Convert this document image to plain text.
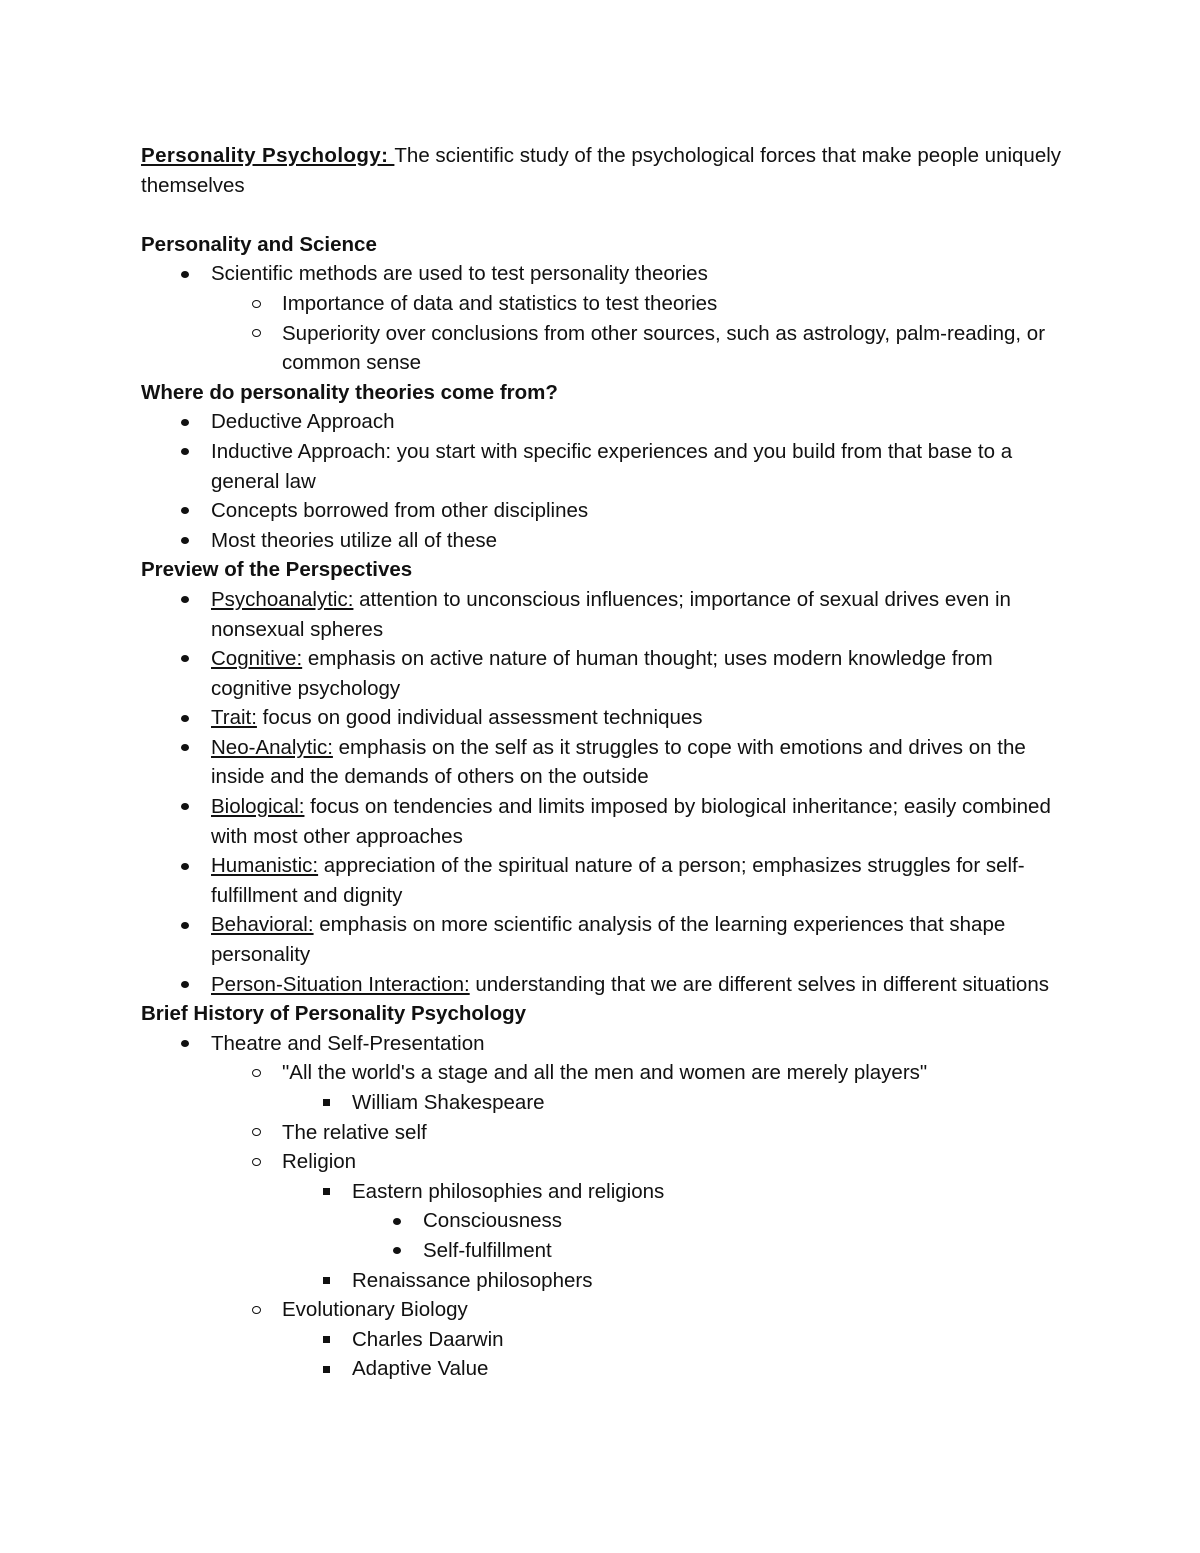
Personality Psychology: The scientific study of the psychological forces that make people uniquely themselves

Personality and Science

Scientific methods are used to test personality theories
Importance of data and statistics to test theories
Superiority over conclusions from other sources, such as astrology, palm-reading, or common sense

Where do personality theories come from?

Deductive Approach
Inductive Approach: you start with specific experiences and you build from that base to a general law
Concepts borrowed from other disciplines
Most theories utilize all of these

Preview of the Perspectives

Psychoanalytic: attention to unconscious influences; importance of sexual drives even in nonsexual spheres
Cognitive: emphasis on active nature of human thought; uses modern knowledge from cognitive psychology
Trait: focus on good individual assessment techniques
Neo-Analytic: emphasis on the self as it struggles to cope with emotions and drives on the inside and the demands of others on the outside
Biological: focus on tendencies and limits imposed by biological inheritance; easily combined with most other approaches
Humanistic: appreciation of the spiritual nature of a person; emphasizes struggles for self-fulfillment and dignity
Behavioral: emphasis on more scientific analysis of the learning experiences that shape personality
Person-Situation Interaction: understanding that we are different selves in different situations

Brief History of Personality Psychology

Theatre and Self-Presentation
"All the world's a stage and all the men and women are merely players"
William Shakespeare
The relative self
Religion
Eastern philosophies and religions
Consciousness
Self-fulfillment
Renaissance philosophers
Evolutionary Biology
Charles Daarwin
Adaptive Value
